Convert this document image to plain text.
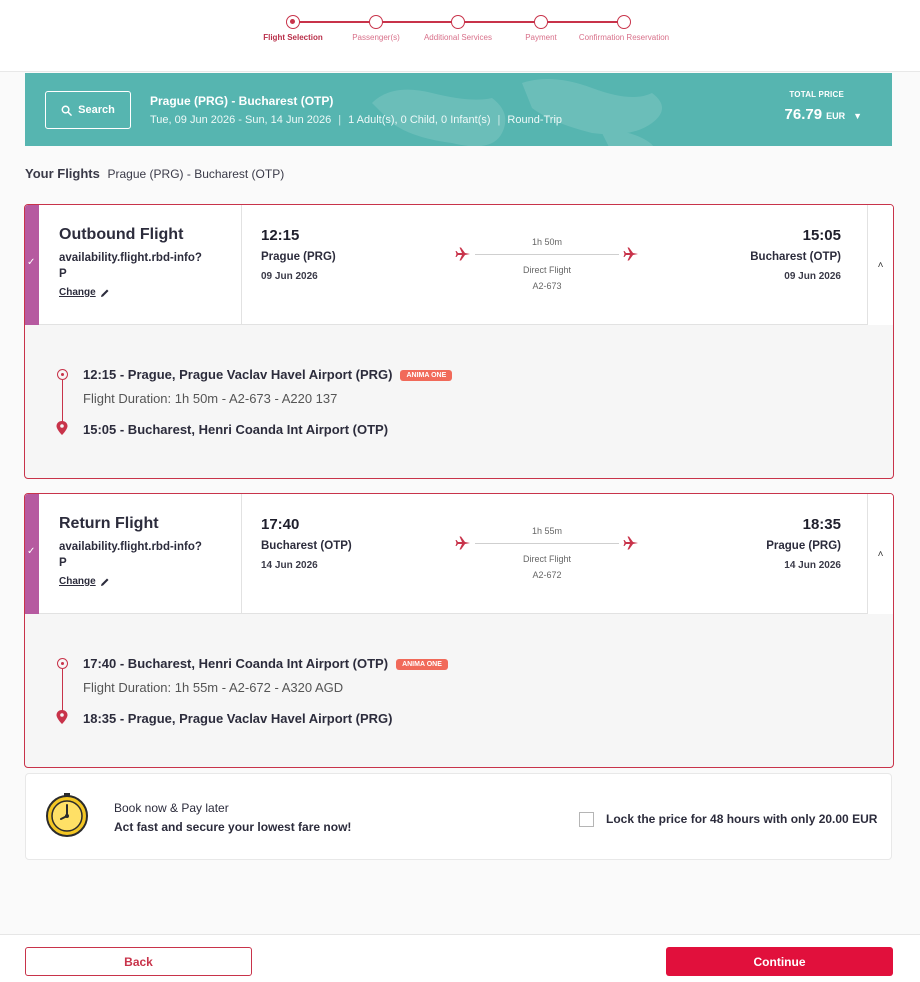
Flight Selection	Passenger(s)	Additional Services	Payment	Confirmation Reservation
Search
Prague (PRG) - Bucharest (OTP)
Tue, 09 Jun 2026 - Sun, 14 Jun 2026 | 1 Adult(s), 0 Child, 0 Infant(s) | Round-Trip
TOTAL PRICE
76.79 EUR ▼
Your Flights Prague (PRG) - Bucharest (OTP)
✓
Outbound Flight
availability.flight.rbd-info? P
Change
12:15
Prague (PRG)
09 Jun 2026
1h 50m
Direct Flight
A2-673
15:05
Bucharest (OTP)
09 Jun 2026
˄
12:15 - Prague, Prague Vaclav Havel Airport (PRG) ANIMA ONE
Flight Duration: 1h 50m - A2-673 - A220 137
15:05 - Bucharest, Henri Coanda Int Airport (OTP)
✓
Return Flight
availability.flight.rbd-info? P
Change
17:40
Bucharest (OTP)
14 Jun 2026
1h 55m
Direct Flight
A2-672
18:35
Prague (PRG)
14 Jun 2026
˄
17:40 - Bucharest, Henri Coanda Int Airport (OTP) ANIMA ONE
Flight Duration: 1h 55m - A2-672 - A320 AGD
18:35 - Prague, Prague Vaclav Havel Airport (PRG)
Book now & Pay later
Act fast and secure your lowest fare now!
Lock the price for 48 hours with only 20.00 EUR
Back	Continue
